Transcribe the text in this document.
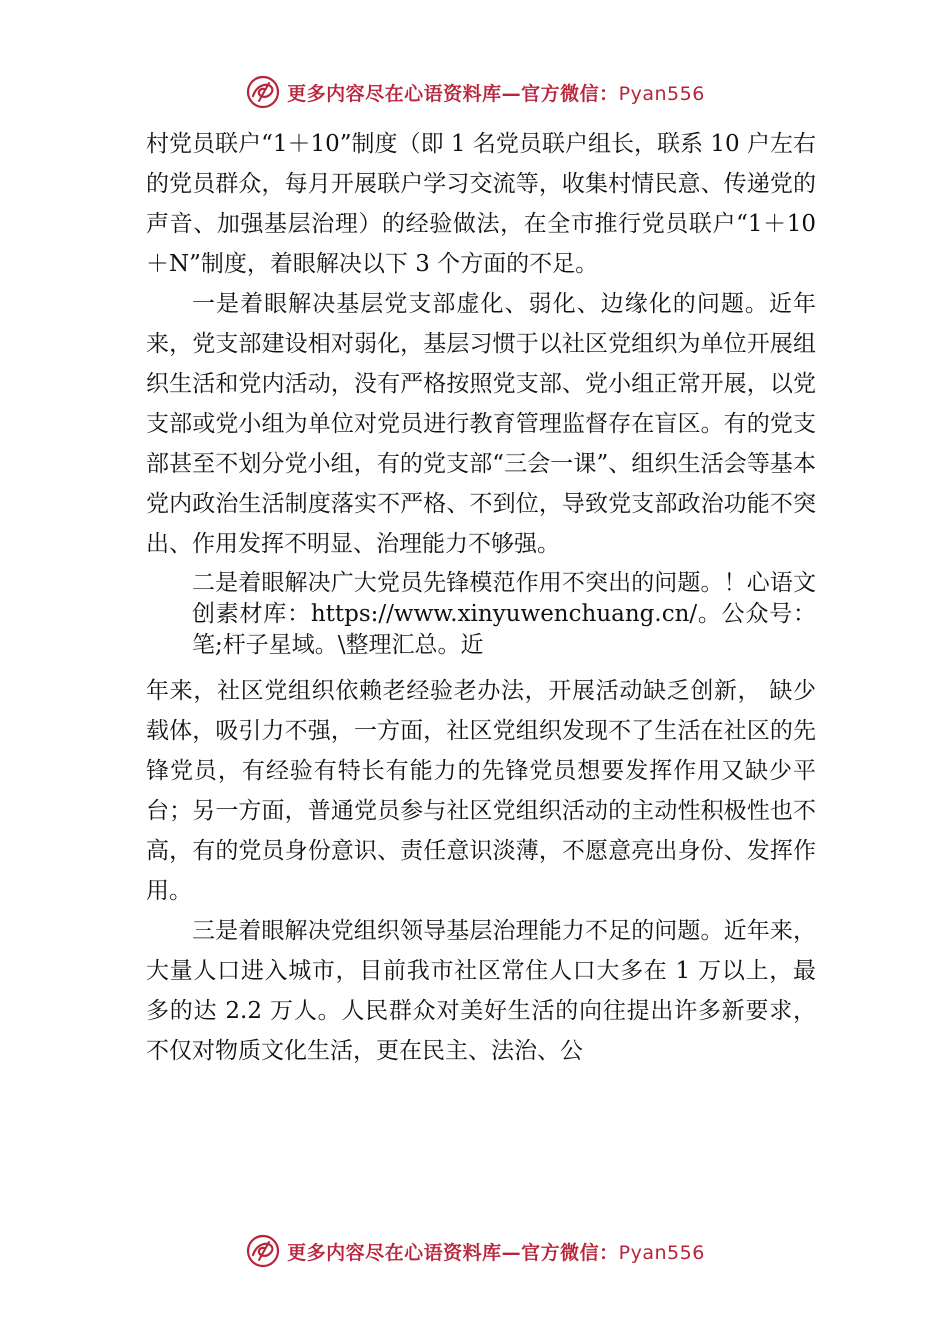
更多内容尽在心语资料库—官方微信：Pyan556

村党员联户“1＋10”制度（即 1 名党员联户组长，联系 10 户左右的党员群众，每月开展联户学习交流等，收集村情民意、传递党的声音、加强基层治理）的经验做法，在全市推行党员联户“1＋10＋N”制度，着眼解决以下 3 个方面的不足。

一是着眼解决基层党支部虚化、弱化、边缘化的问题。近年来，党支部建设相对弱化，基层习惯于以社区党组织为单位开展组织生活和党内活动，没有严格按照党支部、党小组正常开展，以党支部或党小组为单位对党员进行教育管理监督存在盲区。有的党支部甚至不划分党小组，有的党支部“三会一课”、组织生活会等基本党内政治生活制度落实不严格、不到位，导致党支部政治功能不突出、作用发挥不明显、治理能力不够强。

二是着眼解决广大党员先锋模范作用不突出的问题。！心语文创素材库：https://www.xinyuwenchuang.cn/。公众号：笔;杆子星域。\整理汇总。近

年来，社区党组织依赖老经验老办法，开展活动缺乏创新， 缺少载体，吸引力不强，一方面，社区党组织发现不了生活在社区的先锋党员，有经验有特长有能力的先锋党员想要发挥作用又缺少平台；另一方面，普通党员参与社区党组织活动的主动性积极性也不高，有的党员身份意识、责任意识淡薄，不愿意亮出身份、发挥作用。

三是着眼解决党组织领导基层治理能力不足的问题。近年来，大量人口进入城市，目前我市社区常住人口大多在 1 万以上，最多的达 2.2 万人。人民群众对美好生活的向往提出许多新要求，不仅对物质文化生活，更在民主、法治、公

更多内容尽在心语资料库—官方微信：Pyan556
